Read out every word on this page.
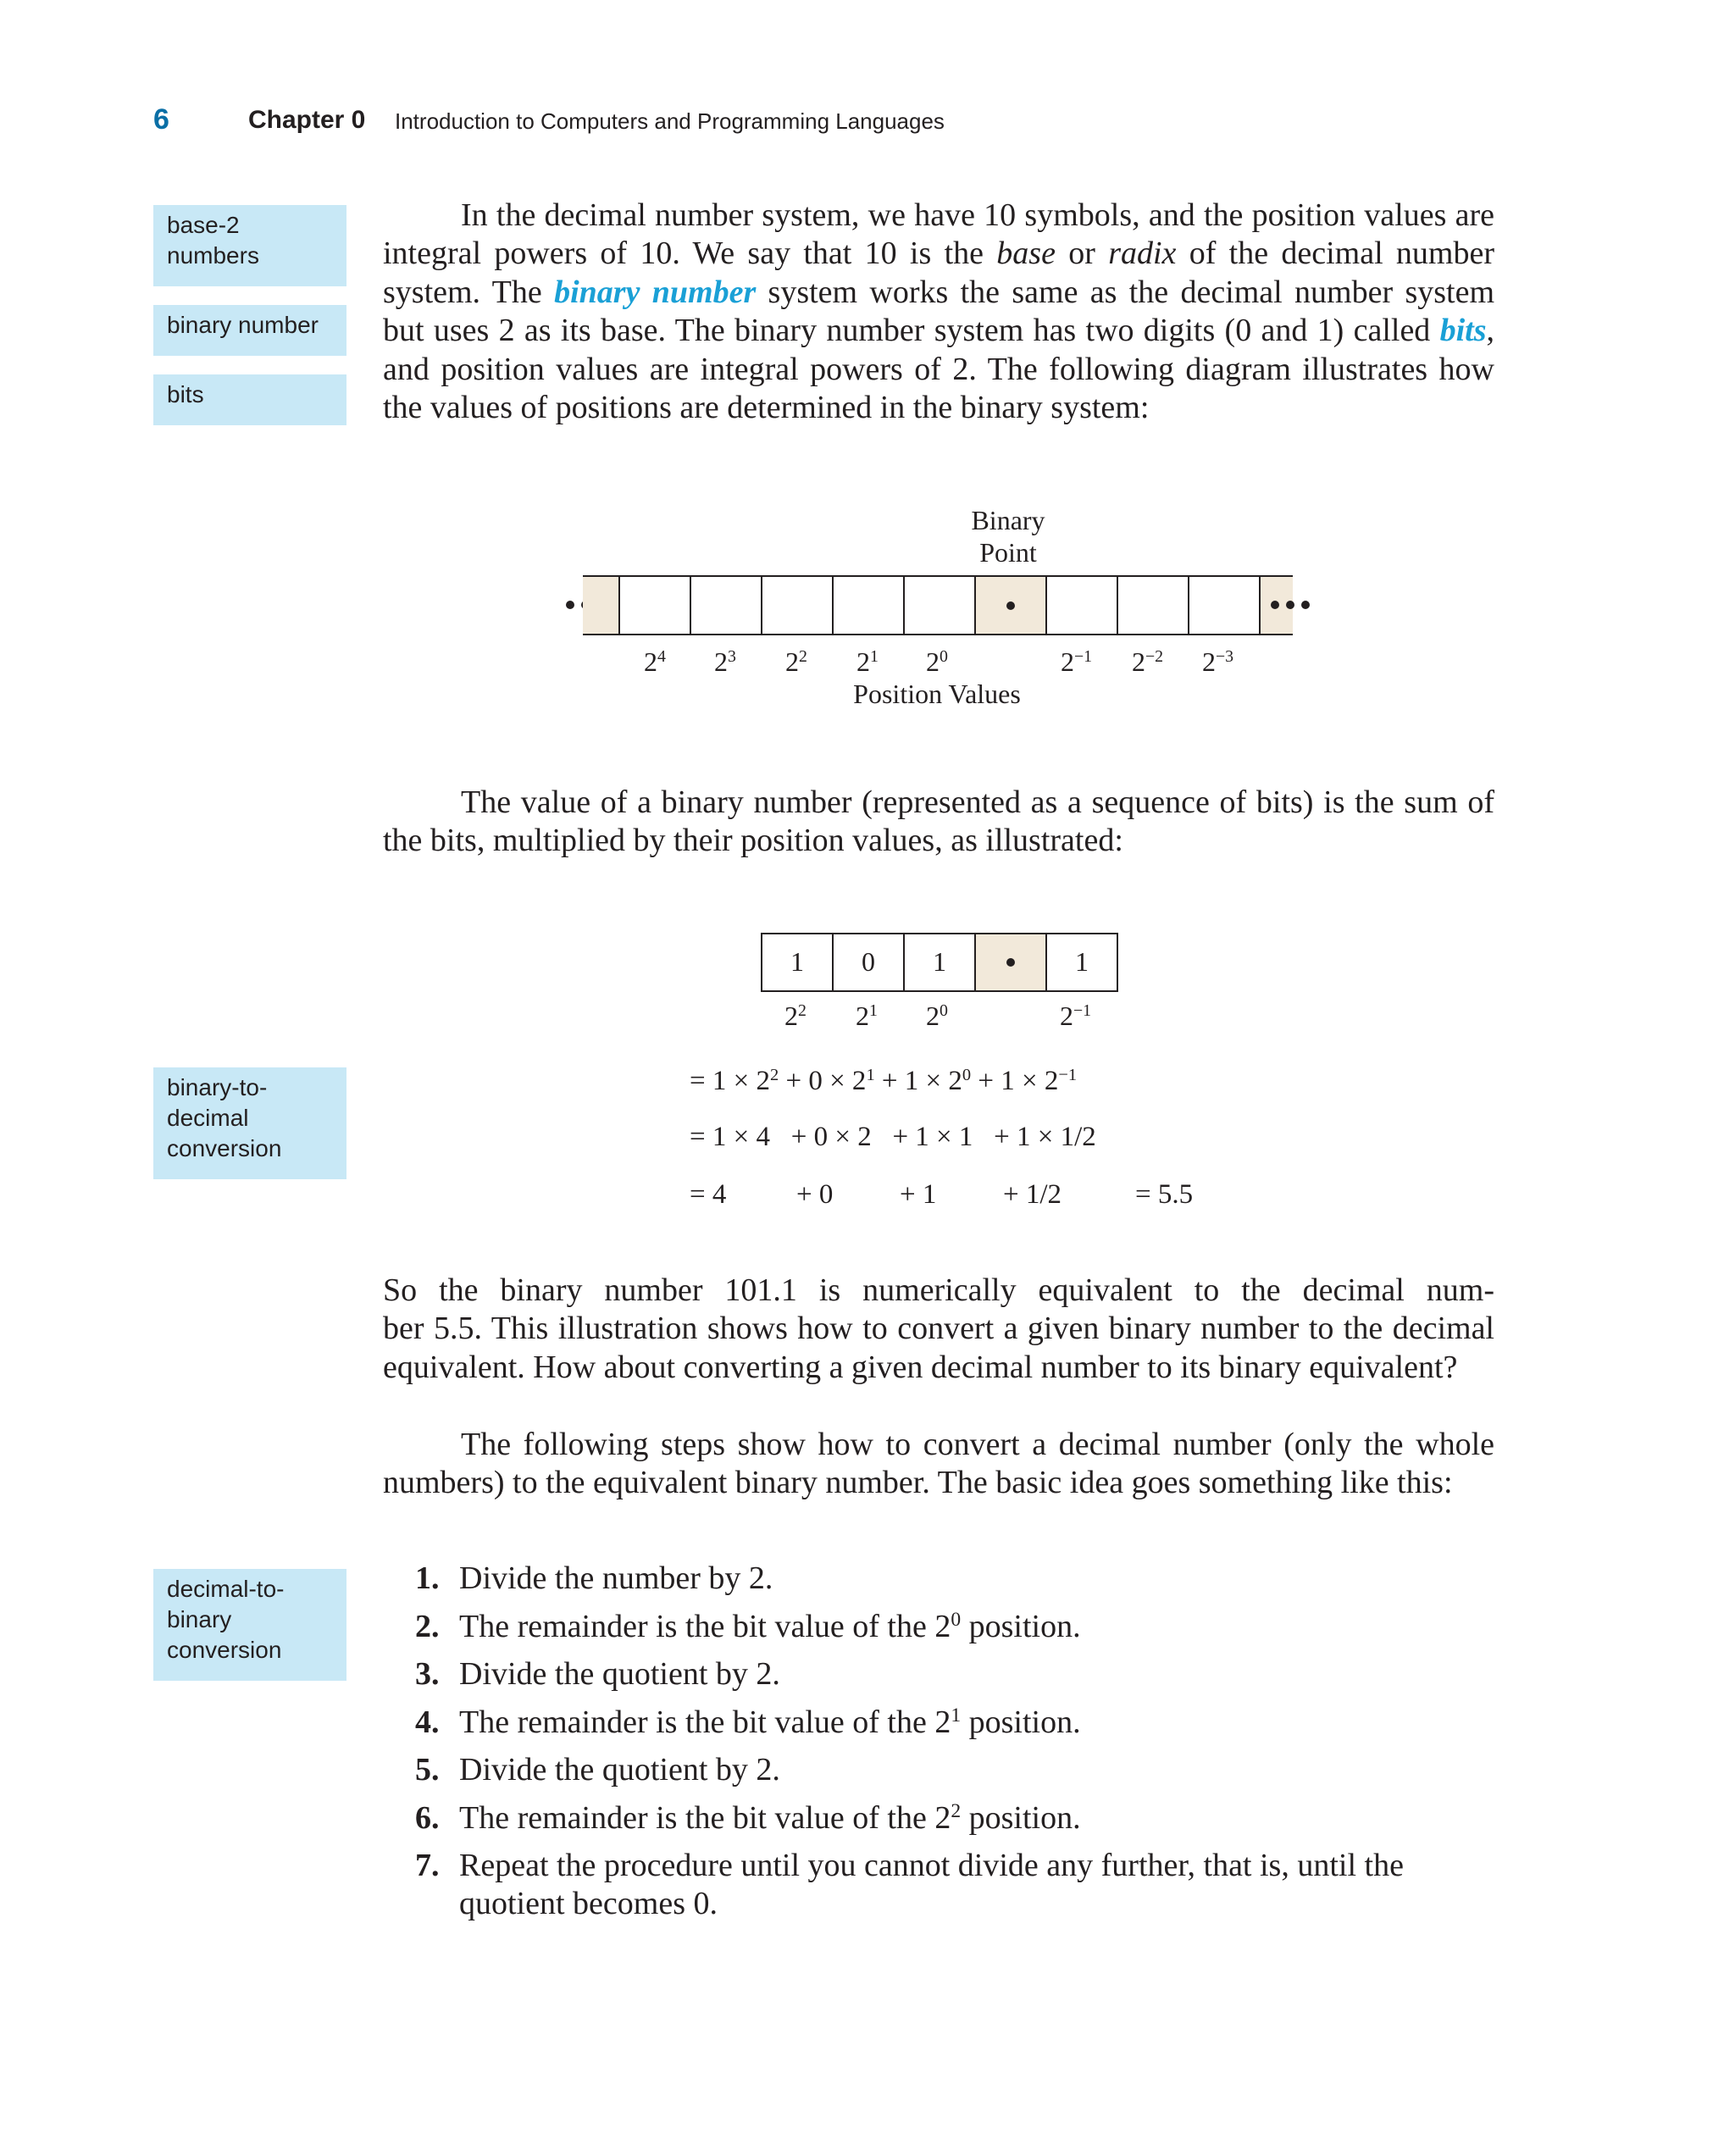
6	Chapter 0 Introduction to Computers and Programming Languages
base-2 numbers
binary number
bits
binary-to-decimal conversion
decimal-to-binary conversion

In the decimal number system, we have 10 symbols, and the position values are integral powers of 10. We say that 10 is the base or radix of the decimal number system. The binary number system works the same as the decimal number system but uses 2 as its base. The binary number system has two digits (0 and 1) called bits, and position values are integral powers of 2. The following diagram illustrates how the values of positions are determined in the binary system:

Binary
Point
$2^4$ $2^3$ $2^2$ $2^1$ $2^0$	$2^{-1}$ $2^{-2}$ $2^{-3}$
Position Values

The value of a binary number (represented as a sequence of bits) is the sum of the bits, multiplied by their position values, as illustrated:

1	0	1	1
$2^2$ $2^1$ $2^0$	$2^{-1}$
= $1 \times 2^2 + 0 \times 2^1 + 1 \times 2^0 + 1 \times 2^{-1}$
= 1 × 4   + 0 × 2   + 1 × 1   + 1 × 1/2
= 4	+ 0 + 1 + 1/2	= 5.5
So the binary number 101.1 is numerically equivalent to the decimal num-
ber 5.5. This illustration shows how to convert a given binary number to the decimal equivalent. How about converting a given decimal number to its binary equivalent?

The following steps show how to convert a decimal number (only the whole numbers) to the equivalent binary number. The basic idea goes something like this:

1. Divide the number by 2.
2. The remainder is the bit value of the $2^0$ position.
3. Divide the quotient by 2.
4. The remainder is the bit value of the $2^1$ position.
5. Divide the quotient by 2.
6. The remainder is the bit value of the $2^2$ position.
7. Repeat the procedure until you cannot divide any further, that is, until the quotient becomes 0.
